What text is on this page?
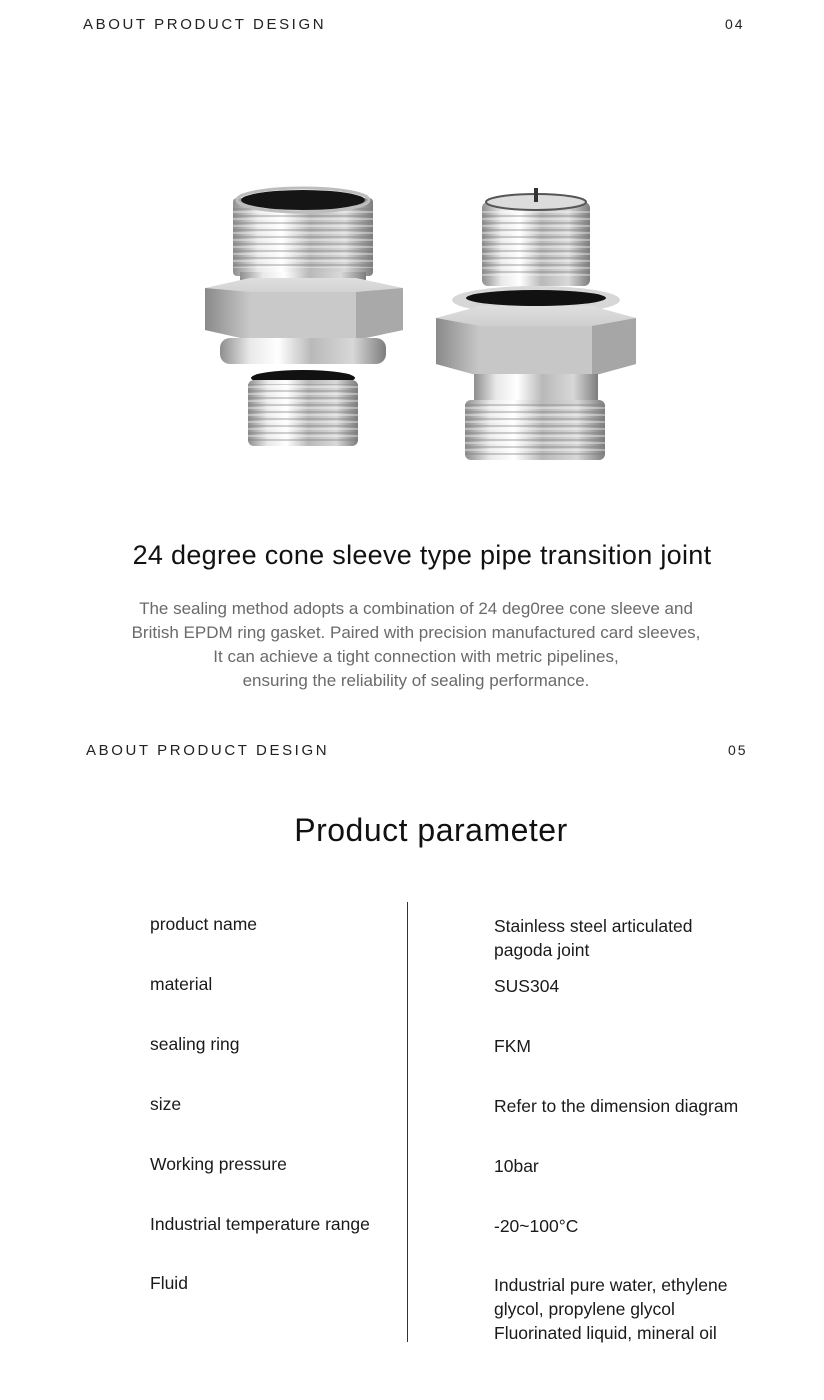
ABOUT PRODUCT DESIGN	04
24 degree cone sleeve type pipe transition joint
The sealing method adopts a combination of 24 deg0ree cone sleeve and
British EPDM ring gasket. Paired with precision manufactured card sleeves,
It can achieve a tight connection with metric pipelines,
ensuring the reliability of sealing performance.
ABOUT PRODUCT DESIGN	05
Product parameter
product name	Stainless steel articulated
pagoda joint
material	SUS304
sealing ring	FKM
size	Refer to the dimension diagram
Working pressure	10bar
Industrial temperature range	-20~100°C
Fluid	Industrial pure water, ethylene
glycol, propylene glycol
Fluorinated liquid, mineral oil
